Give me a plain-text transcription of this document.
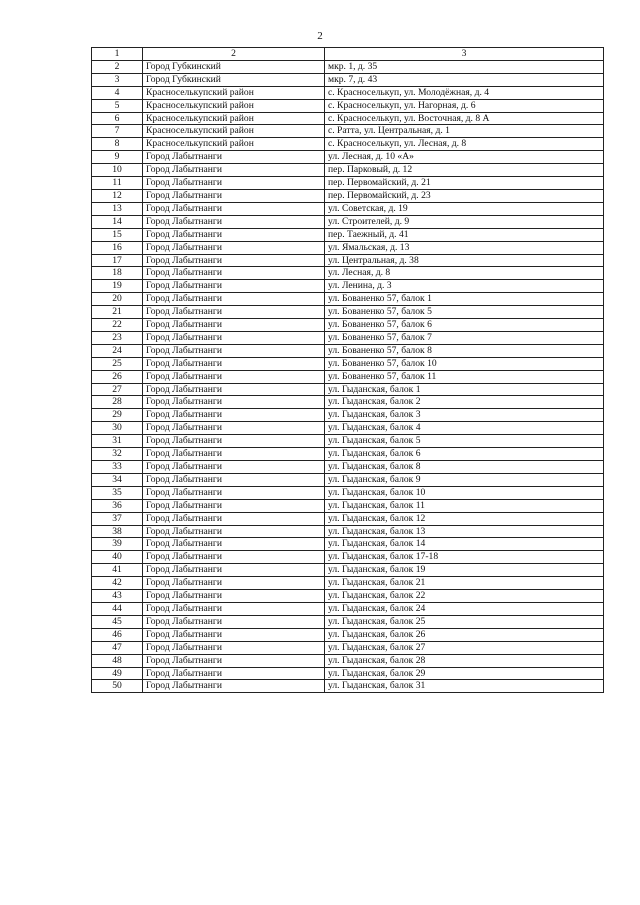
2
1	2	3
2	Город Губкинский	мкр. 1, д. 35
3	Город Губкинский	мкр. 7, д. 43
4	Красноселькупский район	с. Красноселькуп, ул. Молодёжная, д. 4
5	Красноселькупский район	с. Красноселькуп, ул. Нагорная, д. 6
6	Красноселькупский район	с. Красноселькуп, ул. Восточная, д. 8 А
7	Красноселькупский район	с. Ратта, ул. Центральная, д. 1
8	Красноселькупский район	с. Красноселькуп, ул. Лесная, д. 8
9	Город Лабытнанги	ул. Лесная, д. 10 «А»
10	Город Лабытнанги	пер. Парковый, д. 12
11	Город Лабытнанги	пер. Первомайский, д. 21
12	Город Лабытнанги	пер. Первомайский, д. 23
13	Город Лабытнанги	ул. Советская, д. 19
14	Город Лабытнанги	ул. Строителей, д. 9
15	Город Лабытнанги	пер. Таежный, д. 41
16	Город Лабытнанги	ул. Ямальская, д. 13
17	Город Лабытнанги	ул. Центральная, д. 38
18	Город Лабытнанги	ул. Лесная, д. 8
19	Город Лабытнанги	ул. Ленина, д. 3
20	Город Лабытнанги	ул. Бованенко 57, балок 1
21	Город Лабытнанги	ул. Бованенко 57, балок 5
22	Город Лабытнанги	ул. Бованенко 57, балок 6
23	Город Лабытнанги	ул. Бованенко 57, балок 7
24	Город Лабытнанги	ул. Бованенко 57, балок 8
25	Город Лабытнанги	ул. Бованенко 57, балок 10
26	Город Лабытнанги	ул. Бованенко 57, балок 11
27	Город Лабытнанги	ул. Гыданская, балок 1
28	Город Лабытнанги	ул. Гыданская, балок 2
29	Город Лабытнанги	ул. Гыданская, балок 3
30	Город Лабытнанги	ул. Гыданская, балок 4
31	Город Лабытнанги	ул. Гыданская, балок 5
32	Город Лабытнанги	ул. Гыданская, балок 6
33	Город Лабытнанги	ул. Гыданская, балок 8
34	Город Лабытнанги	ул. Гыданская, балок 9
35	Город Лабытнанги	ул. Гыданская, балок 10
36	Город Лабытнанги	ул. Гыданская, балок 11
37	Город Лабытнанги	ул. Гыданская, балок 12
38	Город Лабытнанги	ул. Гыданская, балок 13
39	Город Лабытнанги	ул. Гыданская, балок 14
40	Город Лабытнанги	ул. Гыданская, балок 17-18
41	Город Лабытнанги	ул. Гыданская, балок 19
42	Город Лабытнанги	ул. Гыданская, балок 21
43	Город Лабытнанги	ул. Гыданская, балок 22
44	Город Лабытнанги	ул. Гыданская, балок 24
45	Город Лабытнанги	ул. Гыданская, балок 25
46	Город Лабытнанги	ул. Гыданская, балок 26
47	Город Лабытнанги	ул. Гыданская, балок 27
48	Город Лабытнанги	ул. Гыданская, балок 28
49	Город Лабытнанги	ул. Гыданская, балок 29
50	Город Лабытнанги	ул. Гыданская, балок 31
